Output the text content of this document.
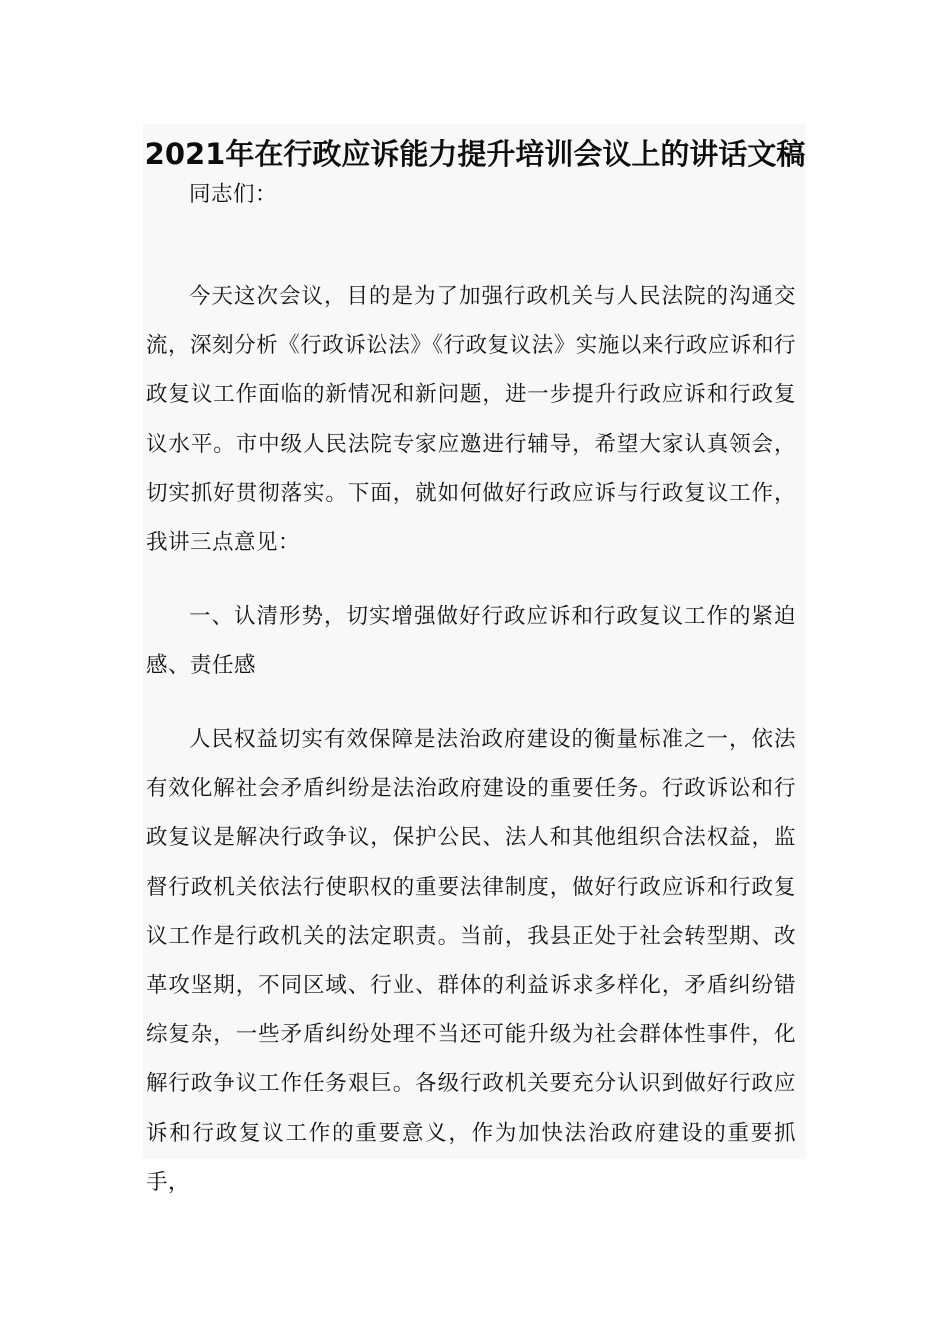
2021年在行政应诉能力提升培训会议上的讲话文稿

同志们：

今天这次会议，目的是为了加强行政机关与人民法院的沟通交流，深刻分析《行政诉讼法》《行政复议法》实施以来行政应诉和行政复议工作面临的新情况和新问题，进一步提升行政应诉和行政复议水平。市中级人民法院专家应邀进行辅导，希望大家认真领会，切实抓好贯彻落实。下面，就如何做好行政应诉与行政复议工作，我讲三点意见：

一、认清形势，切实增强做好行政应诉和行政复议工作的紧迫感、责任感

人民权益切实有效保障是法治政府建设的衡量标准之一，依法有效化解社会矛盾纠纷是法治政府建设的重要任务。行政诉讼和行政复议是解决行政争议，保护公民、法人和其他组织合法权益，监督行政机关依法行使职权的重要法律制度，做好行政应诉和行政复议工作是行政机关的法定职责。当前，我县正处于社会转型期、改革攻坚期，不同区域、行业、群体的利益诉求多样化，矛盾纠纷错综复杂，一些矛盾纠纷处理不当还可能升级为社会群体性事件，化解行政争议工作任务艰巨。各级行政机关要充分认识到做好行政应诉和行政复议工作的重要意义，作为加快法治政府建设的重要抓手，
